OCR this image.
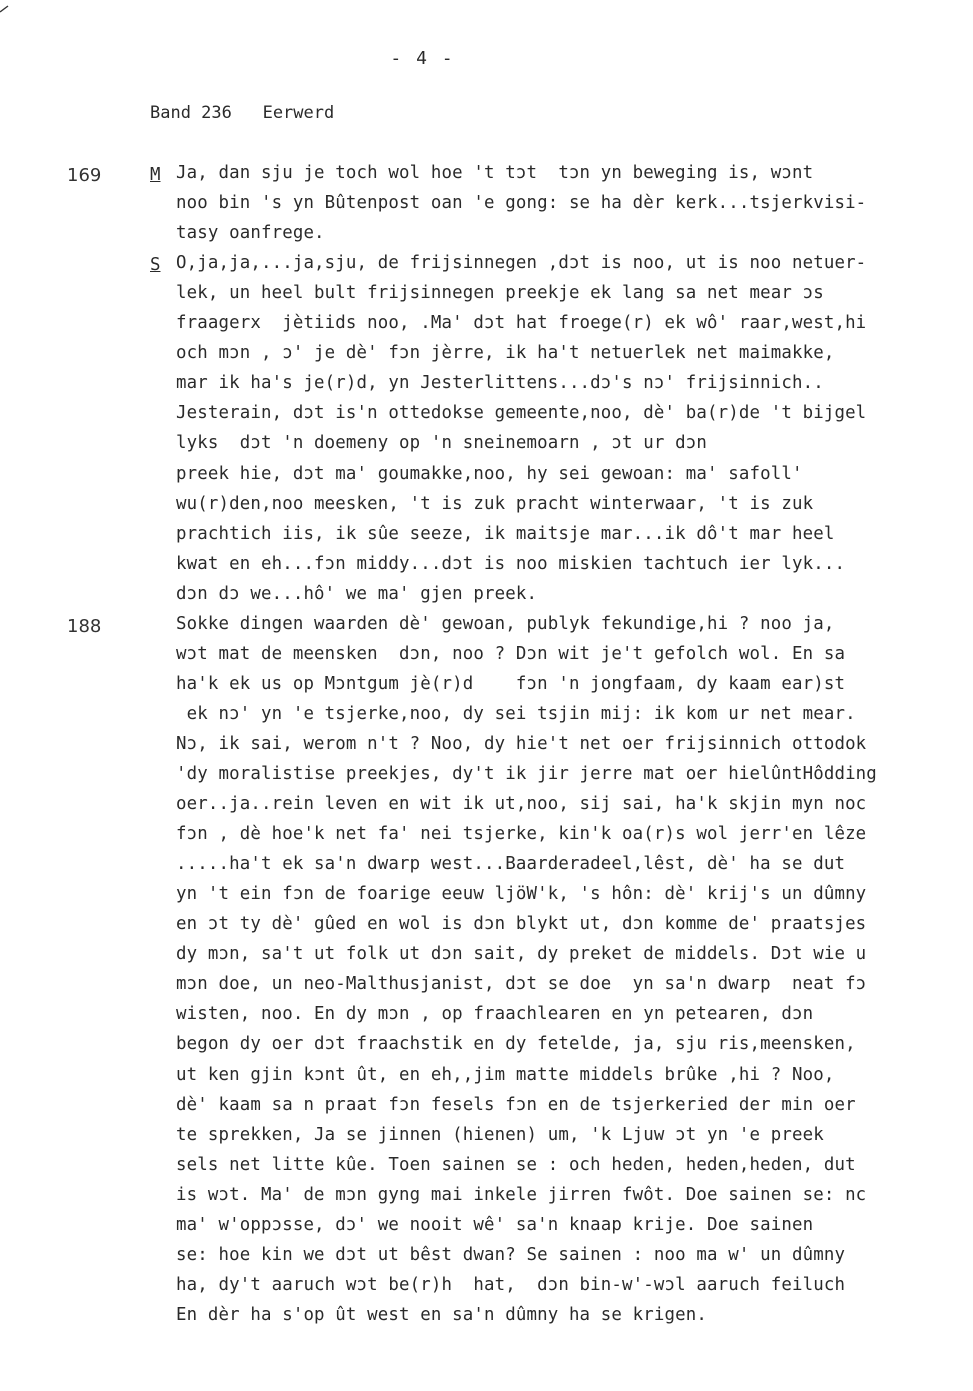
- 4 -
Band 236   Eerwerd
169
188
M
S
Ja, dan sju je toch wol hoe 't tɔt  tɔn yn beweging is, wɔnt
noo bin 's yn Bûtenpost oan 'e gong: se ha dèr kerk...tsjerkvisi-
tasy oanfrege.
O,ja,ja,...ja,sju, de frijsinnegen ,dɔt is noo, ut is noo netuer-
lek, un heel bult frijsinnegen preekje ek lang sa net mear ɔs
fraagerx  jètiids noo, .Ma' dɔt hat froege(r) ek wô' raar,west,hi
och mɔn , ɔ' je dè' fɔn jèrre, ik ha't netuerlek net maimakke,
mar ik ha's je(r)d, yn Jesterlittens...dɔ's nɔ' frijsinnich..
Jesterain, dɔt is'n ottedokse gemeente,noo, dè' ba(r)de 't bijgel
lyks  dɔt 'n doemeny op 'n sneinemoarn , ɔt ur dɔn
preek hie, dɔt ma' goumakke,noo, hy sei gewoan: ma' safoll'
wu(r)den,noo meesken, 't is zuk pracht winterwaar, 't is zuk
prachtich iis, ik sûe seeze, ik maitsje mar...ik dô't mar heel
kwat en eh...fɔn middy...dɔt is noo miskien tachtuch ier lyk...
dɔn dɔ we...hô' we ma' gjen preek.
Sokke dingen waarden dè' gewoan, publyk fekundige,hi ? noo ja,
wɔt mat de meensken  dɔn, noo ? Dɔn wit je't gefolch wol. En sa
ha'k ek us op Mɔntgum jè(r)d    fɔn 'n jongfaam, dy kaam ear)st
ek nɔ' yn 'e tsjerke,noo, dy sei tsjin mij: ik kom ur net mear.
Nɔ, ik sai, werom n't ? Noo, dy hie't net oer frijsinnich ottodok
'dy moralistise preekjes, dy't ik jir jerre mat oer hielûntHôdding
oer..ja..rein leven en wit ik ut,noo, sij sai, ha'k skjin myn noc
fɔn , dè hoe'k net fa' nei tsjerke, kin'k oa(r)s wol jerr'en lêze
.....ha't ek sa'n dwarp west...Baarderadeel,lêst, dè' ha se dut
yn 't ein fɔn de foarige eeuw ljöW'k, 's hôn: dè' krij's un dûmny
en ɔt ty dè' gûed en wol is dɔn blykt ut, dɔn komme de' praatsjes
dy mɔn, sa't ut folk ut dɔn sait, dy preket de middels. Dɔt wie u
mɔn doe, un neo-Malthusjanist, dɔt se doe  yn sa'n dwarp  neat fɔ
wisten, noo. En dy mɔn , op fraachlearen en yn petearen, dɔn
begon dy oer dɔt fraachstik en dy fetelde, ja, sju ris,meensken,
ut ken gjin kɔnt ût, en eh,,jim matte middels brûke ,hi ? Noo,
dè' kaam sa n praat fɔn fesels fɔn en de tsjerkeried der min oer
te sprekken, Ja se jinnen (hienen) um, 'k Ljuw ɔt yn 'e preek
sels net litte kûe. Toen sainen se : och heden, heden,heden, dut
is wɔt. Ma' de mɔn gyng mai inkele jirren fwôt. Doe sainen se: nc
ma' w'oppɔsse, dɔ' we nooit wê' sa'n knaap krije. Doe sainen
se: hoe kin we dɔt ut bêst dwan? Se sainen : noo ma w' un dûmny
ha, dy't aaruch wɔt be(r)h  hat,  dɔn bin-w'-wɔl aaruch feiluch
En dèr ha s'op ût west en sa'n dûmny ha se krigen.
